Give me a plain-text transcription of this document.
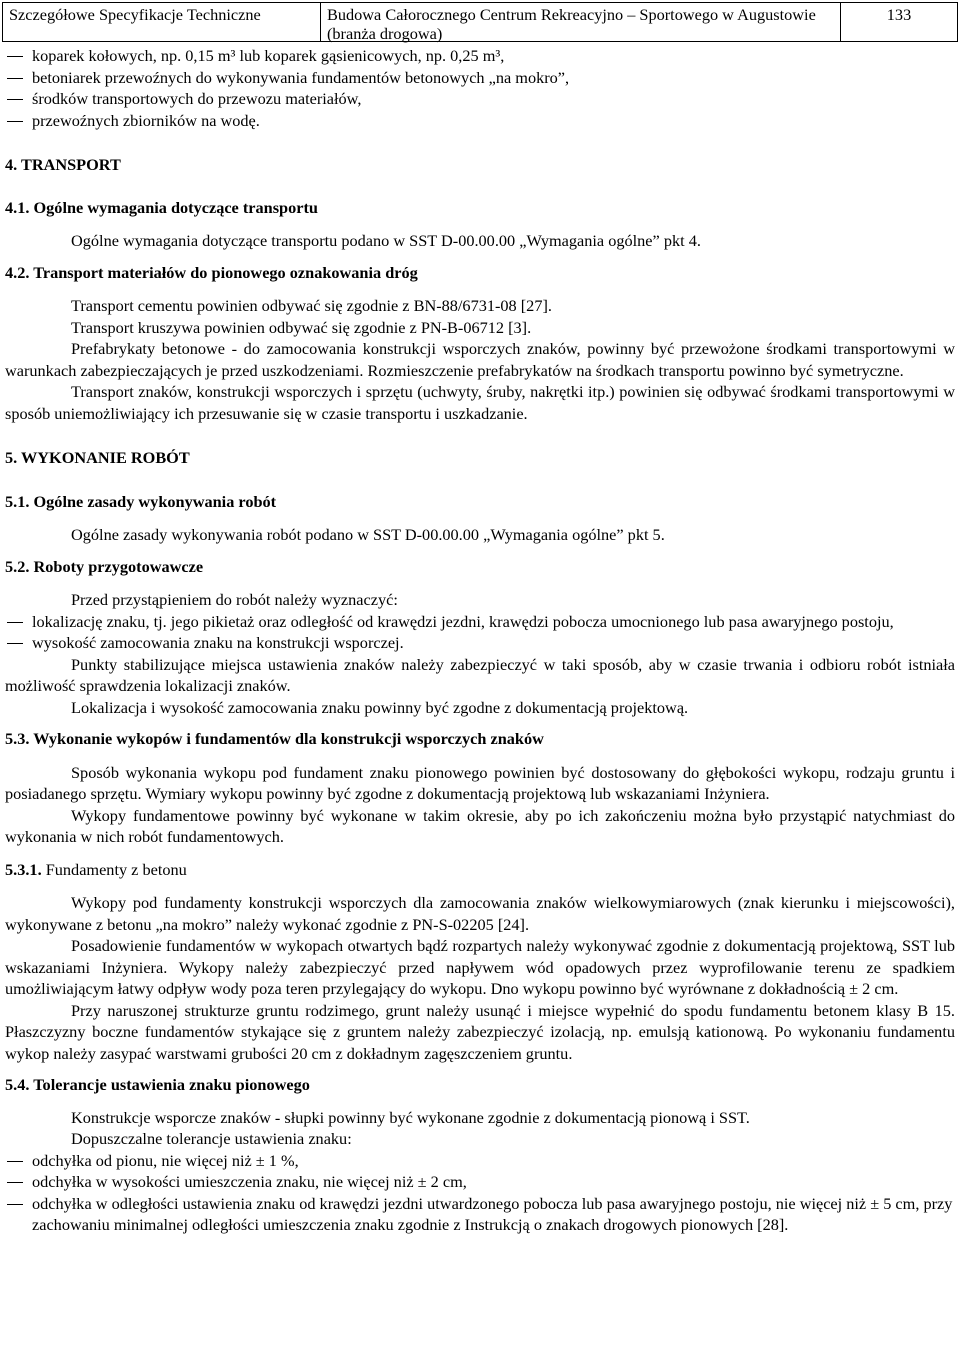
Szczegółowe Specyfikacje Techniczne	Budowa Całorocznego Centrum Rekreacyjno – Sportowego w Augustowie (branża drogowa)
133
koparek kołowych, np. 0,15 m³ lub koparek gąsienicowych, np. 0,25 m³,
betoniarek przewoźnych do wykonywania fundamentów betonowych „na mokro”,
środków transportowych do przewozu materiałów,
przewoźnych zbiorników na wodę.
4. TRANSPORT
4.1. Ogólne wymagania dotyczące transportu

Ogólne wymagania dotyczące transportu podano w SST D-00.00.00 „Wymagania ogólne” pkt 4.

4.2. Transport materiałów do pionowego oznakowania dróg

Transport cementu powinien odbywać się zgodnie z BN-88/6731-08 [27].

Transport kruszywa powinien odbywać się zgodnie z PN-B-06712 [3].

Prefabrykaty betonowe - do zamocowania konstrukcji wsporczych znaków, powinny być przewożone środkami transportowymi w warunkach zabezpieczających je przed uszkodzeniami. Rozmieszczenie prefabrykatów na środkach transportu powinno być symetryczne.

Transport znaków, konstrukcji wsporczych i sprzętu (uchwyty, śruby, nakrętki itp.) powinien się odbywać środkami transportowymi w sposób uniemożliwiający ich przesuwanie się w czasie transportu i uszkadzanie.

5. WYKONANIE ROBÓT
5.1. Ogólne zasady wykonywania robót

Ogólne zasady wykonywania robót podano w SST D-00.00.00 „Wymagania ogólne” pkt 5.

5.2. Roboty przygotowawcze

Przed przystąpieniem do robót należy wyznaczyć:

lokalizację znaku, tj. jego pikietaż oraz odległość od krawędzi jezdni, krawędzi pobocza umocnionego lub pasa awaryjnego postoju,
wysokość zamocowania znaku na konstrukcji wsporczej.

Punkty stabilizujące miejsca ustawienia znaków należy zabezpieczyć w taki sposób, aby w czasie trwania i odbioru robót istniała możliwość sprawdzenia lokalizacji znaków.

Lokalizacja i wysokość zamocowania znaku powinny być zgodne z dokumentacją projektową.

5.3. Wykonanie wykopów i fundamentów dla konstrukcji wsporczych znaków

Sposób wykonania wykopu pod fundament znaku pionowego powinien być dostosowany do głębokości wykopu, rodzaju gruntu i posiadanego sprzętu. Wymiary wykopu powinny być zgodne z dokumentacją projektową lub wskazaniami Inżyniera.

Wykopy fundamentowe powinny być wykonane w takim okresie, aby po ich zakończeniu można było przystąpić natychmiast do wykonania w nich robót fundamentowych.

5.3.1. Fundamenty z betonu

Wykopy pod fundamenty konstrukcji wsporczych dla zamocowania znaków wielkowymiarowych (znak kierunku i miejscowości), wykonywane z betonu „na mokro” należy wykonać zgodnie z PN-S-02205 [24].

Posadowienie fundamentów w wykopach otwartych bądź rozpartych należy wykonywać zgodnie z dokumentacją projektową, SST lub wskazaniami Inżyniera. Wykopy należy zabezpieczyć przed napływem wód opadowych przez wyprofilowanie terenu ze spadkiem umożliwiającym łatwy odpływ wody poza teren przylegający do wykopu. Dno wykopu powinno być wyrównane z dokładnością ± 2 cm.

Przy naruszonej strukturze gruntu rodzimego, grunt należy usunąć i miejsce wypełnić do spodu fundamentu betonem klasy B 15. Płaszczyzny boczne fundamentów stykające się z gruntem należy zabezpieczyć izolacją, np. emulsją kationową. Po wykonaniu fundamentu wykop należy zasypać warstwami grubości 20 cm z dokładnym zagęszczeniem gruntu.

5.4. Tolerancje ustawienia znaku pionowego

Konstrukcje wsporcze znaków - słupki powinny być wykonane zgodnie z dokumentacją pionową i SST.

Dopuszczalne tolerancje ustawienia znaku:

odchyłka od pionu, nie więcej niż ± 1 %,
odchyłka w wysokości umieszczenia znaku, nie więcej niż ± 2 cm,
odchyłka w odległości ustawienia znaku od krawędzi jezdni utwardzonego pobocza lub pasa awaryjnego postoju, nie więcej niż ± 5 cm, przy zachowaniu minimalnej odległości umieszczenia znaku zgodnie z Instrukcją o znakach drogowych pionowych [28].
